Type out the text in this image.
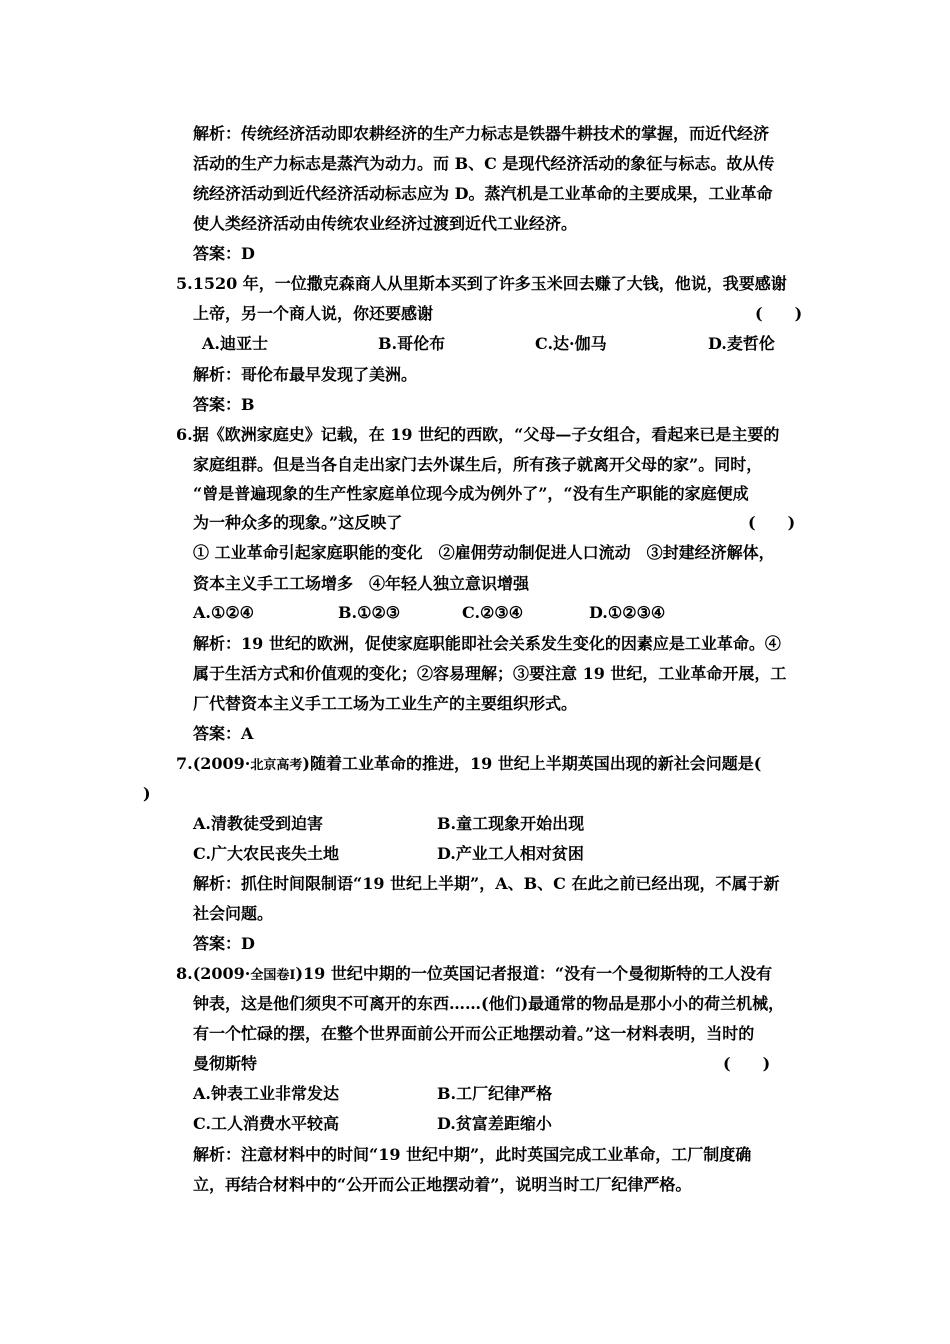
解析：传统经济活动即农耕经济的生产力标志是铁器牛耕技术的掌握，而近代经济
活动的生产力标志是蒸汽为动力。而 B、C 是现代经济活动的象征与标志。故从传
统经济活动到近代经济活动标志应为 D。蒸汽机是工业革命的主要成果，工业革命
使人类经济活动由传统农业经济过渡到近代工业经济。
答案：D
5.1520 年，一位撒克森商人从里斯本买到了许多玉米回去赚了大钱，他说，我要感谢
上帝，另一个商人说，你还要感谢	(　　)
A.迪亚士	B.哥伦布	C.达·伽马	D.麦哲伦
解析：哥伦布最早发现了美洲。
答案：B
6.据《欧洲家庭史》记载，在 19 世纪的西欧，“父母—子女组合，看起来已是主要的
家庭组群。但是当各自走出家门去外谋生后，所有孩子就离开父母的家”。同时，
“曾是普遍现象的生产性家庭单位现今成为例外了”，“没有生产职能的家庭便成
为一种众多的现象。”这反映了	(　　)
① 工业革命引起家庭职能的变化　②雇佣劳动制促进人口流动　③封建经济解体，
资本主义手工工场增多　④年轻人独立意识增强
A.①②④	B.①②③	C.②③④	D.①②③④
解析：19 世纪的欧洲，促使家庭职能即社会关系发生变化的因素应是工业革命。④
属于生活方式和价值观的变化；②容易理解；③要注意 19 世纪，工业革命开展，工
厂代替资本主义手工工场为工业生产的主要组织形式。
答案：A
7.(2009·北京高考)随着工业革命的推进，19 世纪上半期英国出现的新社会问题是(
)
A.清教徒受到迫害	B.童工现象开始出现
C.广大农民丧失土地	D.产业工人相对贫困
解析：抓住时间限制语“19 世纪上半期”，A、B、C 在此之前已经出现，不属于新
社会问题。
答案：D
8.(2009·全国卷Ⅰ)19 世纪中期的一位英国记者报道：“没有一个曼彻斯特的工人没有
钟表，这是他们须臾不可离开的东西……(他们)最通常的物品是那小小的荷兰机械，
有一个忙碌的摆，在整个世界面前公开而公正地摆动着。”这一材料表明，当时的
曼彻斯特	(　　)
A.钟表工业非常发达	B.工厂纪律严格
C.工人消费水平较高	D.贫富差距缩小
解析：注意材料中的时间“19 世纪中期”，此时英国完成工业革命，工厂制度确
立，再结合材料中的“公开而公正地摆动着”，说明当时工厂纪律严格。
